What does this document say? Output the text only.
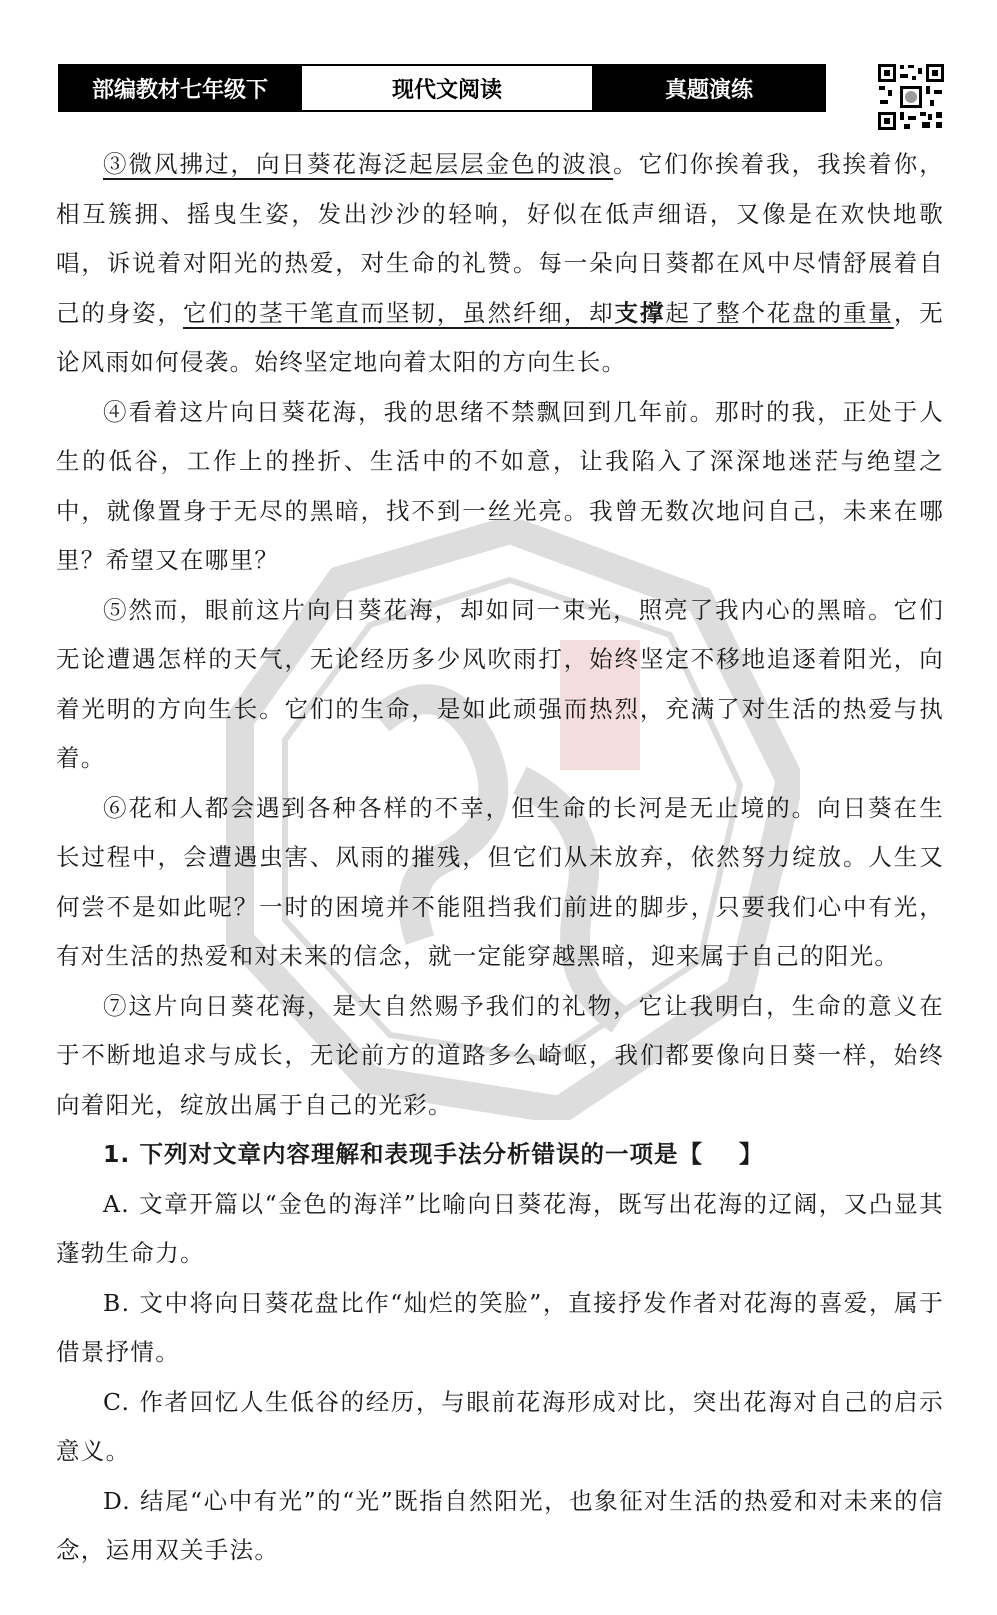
部编教材七年级下	现代文阅读	真题演练

③微风拂过，向日葵花海泛起层层金色的波浪。它们你挨着我，我挨着你，相互簇拥、摇曳生姿，发出沙沙的轻响，好似在低声细语，又像是在欢快地歌唱，诉说着对阳光的热爱，对生命的礼赞。每一朵向日葵都在风中尽情舒展着自己的身姿，它们的茎干笔直而坚韧，虽然纤细，却支撑起了整个花盘的重量，无论风雨如何侵袭。始终坚定地向着太阳的方向生长。

④看着这片向日葵花海，我的思绪不禁飘回到几年前。那时的我，正处于人生的低谷，工作上的挫折、生活中的不如意，让我陷入了深深地迷茫与绝望之中，就像置身于无尽的黑暗，找不到一丝光亮。我曾无数次地问自己，未来在哪里？希望又在哪里？

⑤然而，眼前这片向日葵花海，却如同一束光，照亮了我内心的黑暗。它们无论遭遇怎样的天气，无论经历多少风吹雨打，始终坚定不移地追逐着阳光，向着光明的方向生长。它们的生命，是如此顽强而热烈，充满了对生活的热爱与执着。

⑥花和人都会遇到各种各样的不幸，但生命的长河是无止境的。向日葵在生长过程中，会遭遇虫害、风雨的摧残，但它们从未放弃，依然努力绽放。人生又何尝不是如此呢？一时的困境并不能阻挡我们前进的脚步，只要我们心中有光，有对生活的热爱和对未来的信念，就一定能穿越黑暗，迎来属于自己的阳光。

⑦这片向日葵花海，是大自然赐予我们的礼物，它让我明白，生命的意义在于不断地追求与成长，无论前方的道路多么崎岖，我们都要像向日葵一样，始终向着阳光，绽放出属于自己的光彩。

1. 下列对文章内容理解和表现手法分析错误的一项是【 】

A. 文章开篇以“金色的海洋”比喻向日葵花海，既写出花海的辽阔，又凸显其蓬勃生命力。

B. 文中将向日葵花盘比作“灿烂的笑脸”，直接抒发作者对花海的喜爱，属于借景抒情。

C. 作者回忆人生低谷的经历，与眼前花海形成对比，突出花海对自己的启示意义。

D. 结尾“心中有光”的“光”既指自然阳光，也象征对生活的热爱和对未来的信念，运用双关手法。
